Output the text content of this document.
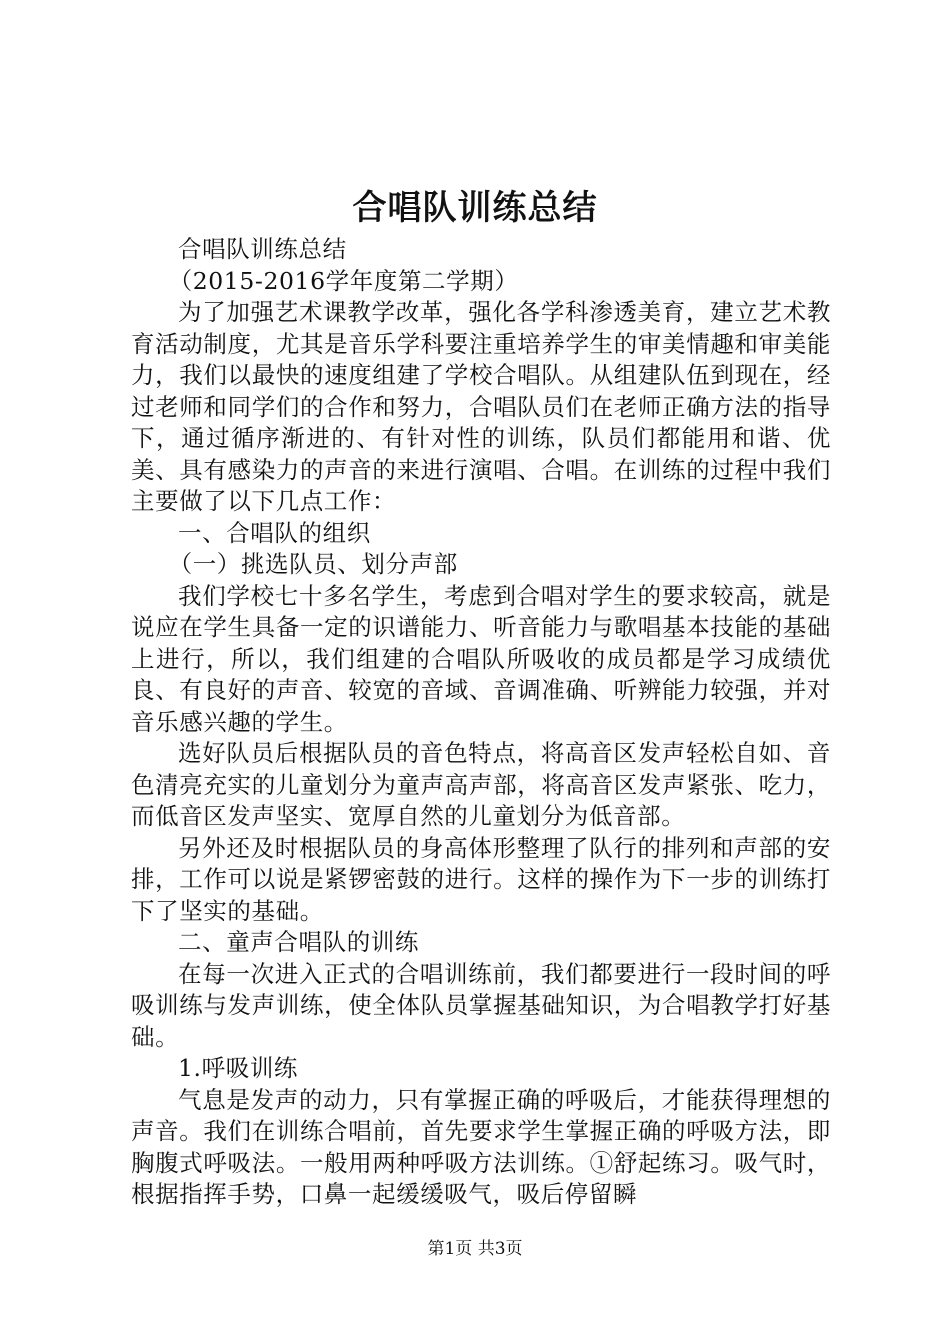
合唱队训练总结

合唱队训练总结

（2015-2016学年度第二学期）

为了加强艺术课教学改革，强化各学科渗透美育，建立艺术教育活动制度，尤其是音乐学科要注重培养学生的审美情趣和审美能力，我们以最快的速度组建了学校合唱队。从组建队伍到现在，经过老师和同学们的合作和努力，合唱队员们在老师正确方法的指导下，通过循序渐进的、有针对性的训练，队员们都能用和谐、优美、具有感染力的声音的来进行演唱、合唱。在训练的过程中我们主要做了以下几点工作：

一、合唱队的组织

（一）挑选队员、划分声部

我们学校七十多名学生，考虑到合唱对学生的要求较高，就是说应在学生具备一定的识谱能力、听音能力与歌唱基本技能的基础上进行，所以，我们组建的合唱队所吸收的成员都是学习成绩优良、有良好的声音、较宽的音域、音调准确、听辨能力较强，并对音乐感兴趣的学生。

选好队员后根据队员的音色特点，将高音区发声轻松自如、音色清亮充实的儿童划分为童声高声部，将高音区发声紧张、吃力，而低音区发声坚实、宽厚自然的儿童划分为低音部。

另外还及时根据队员的身高体形整理了队行的排列和声部的安排，工作可以说是紧锣密鼓的进行。这样的操作为下一步的训练打下了坚实的基础。

二、童声合唱队的训练

在每一次进入正式的合唱训练前，我们都要进行一段时间的呼吸训练与发声训练，使全体队员掌握基础知识，为合唱教学打好基础。

1.呼吸训练

气息是发声的动力，只有掌握正确的呼吸后，才能获得理想的声音。我们在训练合唱前，首先要求学生掌握正确的呼吸方法，即胸腹式呼吸法。一般用两种呼吸方法训练。①舒起练习。吸气时，根据指挥手势，口鼻一起缓缓吸气，吸后停留瞬

第1页 共3页
